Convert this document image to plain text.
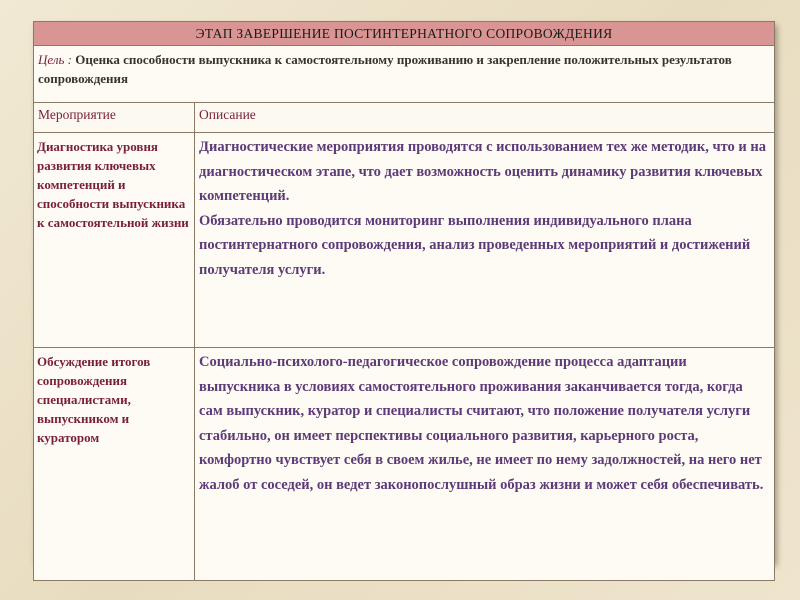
ЭТАП ЗАВЕРШЕНИЕ ПОСТИНТЕРНАТНОГО СОПРОВОЖДЕНИЯ	
Цель : Оценка способности выпускника к самостоятельному проживанию и закрепление положительных результатов сопровождения	
Мероприятие	Описание
Диагностика уровня развития ключевых компетенций и способности выпускника к самостоятельной жизни	Диагностические мероприятия проводятся с использованием тех же методик, что и на диагностическом этапе, что дает возможность оценить динамику развития ключевых компетенций.
Обязательно проводится мониторинг выполнения индивидуального плана постинтернатного сопровождения, анализ проведенных мероприятий и достижений получателя услуги.

Обсуждение итогов сопровождения специалистами, выпускником и куратором	Социально-психолого-педагогическое сопровождение процесса адаптации выпускника в условиях самостоятельного проживания заканчивается тогда, когда сам выпускник, куратор и специалисты считают, что положение получателя услуги стабильно, он имеет перспективы социального развития, карьерного роста, комфортно чувствует себя в своем жилье, не имеет по нему задолжностей, на него нет жалоб от соседей, он ведет законопослушный образ жизни и может себя обеспечивать.
